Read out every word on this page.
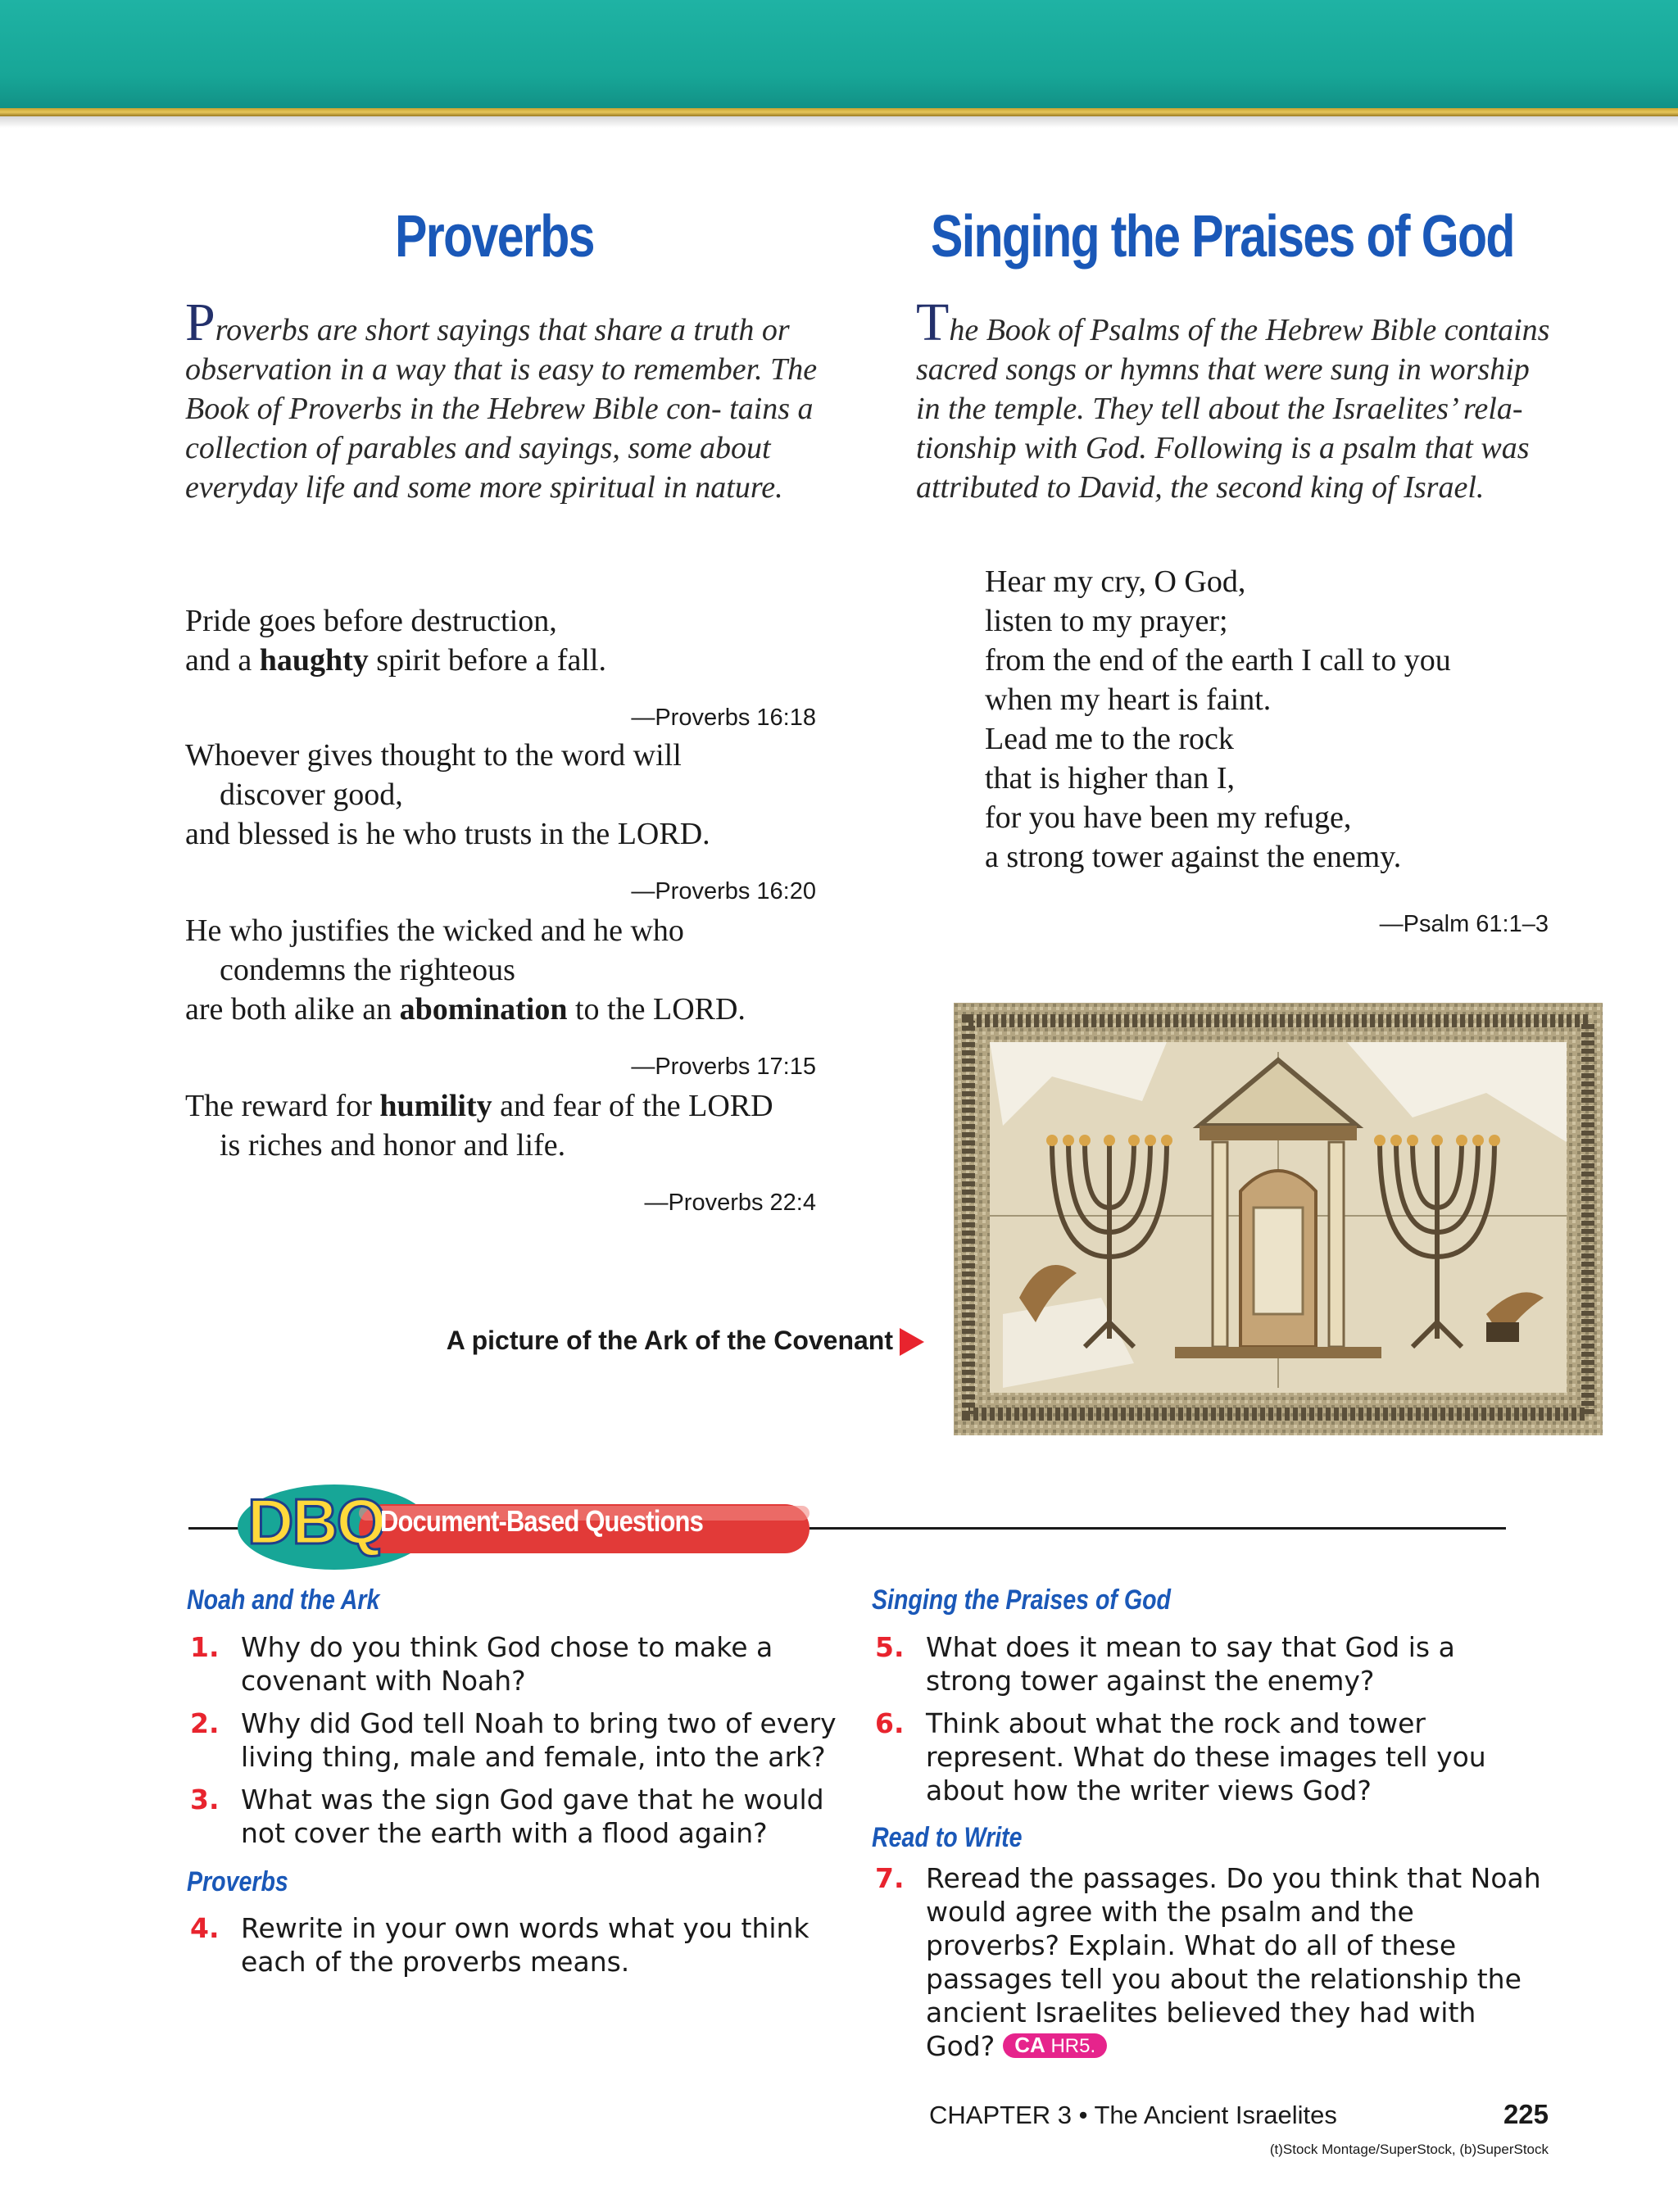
Proverbs

Proverbs are short sayings that share a truth or observation in a way that is easy to remember. The Book of Proverbs in the Hebrew Bible con- tains a collection of parables and sayings, some about everyday life and some more spiritual in nature.

Pride goes before destruction,
and a haughty spirit before a fall.
—Proverbs 16:18
Whoever gives thought to the word will
discover good,
and blessed is he who trusts in the LORD.
—Proverbs 16:20
He who justifies the wicked and he who
condemns the righteous
are both alike an abomination to the LORD.
—Proverbs 17:15
The reward for humility and fear of the LORD
is riches and honor and life.
—Proverbs 22:4
Singing the Praises of God

The Book of Psalms of the Hebrew Bible contains sacred songs or hymns that were sung in worship in the temple. They tell about the Israelites’ rela- tionship with God. Following is a psalm that was attributed to David, the second king of Israel.

Hear my cry, O God,
listen to my prayer;
from the end of the earth I call to you
when my heart is faint.
Lead me to the rock
that is higher than I,
for you have been my refuge,
a strong tower against the enemy.
—Psalm 61:1–3
A picture of the Ark of the Covenant
DBQ
Document-Based Questions
Noah and the Ark
1. Why do you think God chose to make a
covenant with Noah?
2. Why did God tell Noah to bring two of every
living thing, male and female, into the ark?
3. What was the sign God gave that he would
not cover the earth with a flood again?
Proverbs
4. Rewrite in your own words what you think
each of the proverbs means.
Singing the Praises of God
5. What does it mean to say that God is a
strong tower against the enemy?
6. Think about what the rock and tower
represent. What do these images tell you
about how the writer views God?
Read to Write
7. Reread the passages. Do you think that Noah
would agree with the psalm and the
proverbs? Explain. What do all of these
passages tell you about the relationship the
ancient Israelites believed they had with
God? CA HR5.
CHAPTER 3 • The Ancient Israelites	225
(t)Stock Montage/SuperStock, (b)SuperStock
